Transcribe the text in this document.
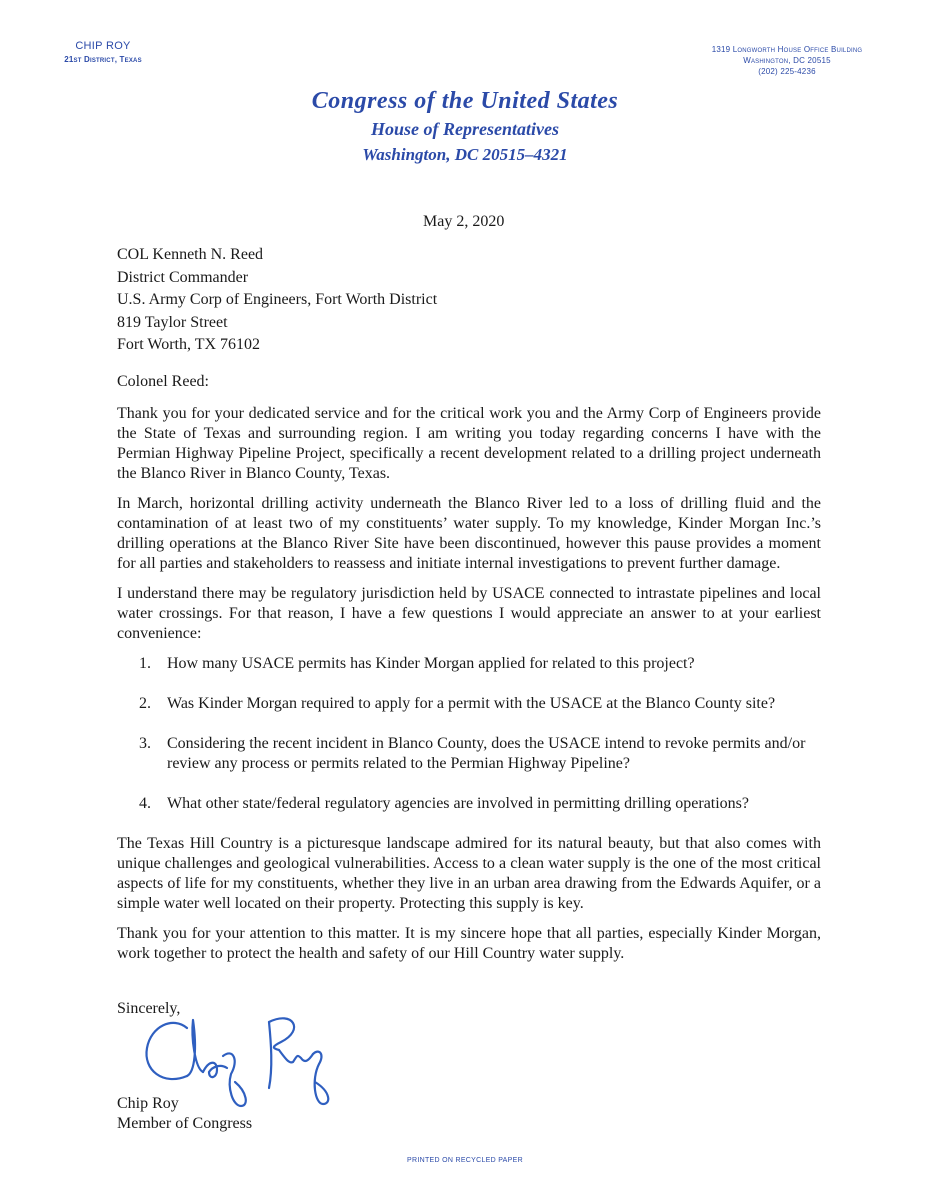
CHIP ROY
21st District, Texas
1319 Longworth House Office Building
Washington, DC 20515
(202) 225-4236
Congress of the United States
House of Representatives
Washington, DC 20515–4321
May 2, 2020
COL Kenneth N. Reed
District Commander
U.S. Army Corp of Engineers, Fort Worth District
819 Taylor Street
Fort Worth, TX 76102
Colonel Reed:

Thank you for your dedicated service and for the critical work you and the Army Corp of Engineers provide the State of Texas and surrounding region. I am writing you today regarding concerns I have with the Permian Highway Pipeline Project, specifically a recent development related to a drilling project underneath the Blanco River in Blanco County, Texas.

In March, horizontal drilling activity underneath the Blanco River led to a loss of drilling fluid and the contamination of at least two of my constituents’ water supply. To my knowledge, Kinder Morgan Inc.’s drilling operations at the Blanco River Site have been discontinued, however this pause provides a moment for all parties and stakeholders to reassess and initiate internal investigations to prevent further damage.

I understand there may be regulatory jurisdiction held by USACE connected to intrastate pipelines and local water crossings. For that reason, I have a few questions I would appreciate an answer to at your earliest convenience:

1. How many USACE permits has Kinder Morgan applied for related to this project?
2. Was Kinder Morgan required to apply for a permit with the USACE at the Blanco County site?
3. Considering the recent incident in Blanco County, does the USACE intend to revoke permits and/or review any process or permits related to the Permian Highway Pipeline?
4. What other state/federal regulatory agencies are involved in permitting drilling operations?

The Texas Hill Country is a picturesque landscape admired for its natural beauty, but that also comes with unique challenges and geological vulnerabilities. Access to a clean water supply is the one of the most critical aspects of life for my constituents, whether they live in an urban area drawing from the Edwards Aquifer, or a simple water well located on their property. Protecting this supply is key.

Thank you for your attention to this matter. It is my sincere hope that all parties, especially Kinder Morgan, work together to protect the health and safety of our Hill Country water supply.

Sincerely,
Chip Roy
Member of Congress
PRINTED ON RECYCLED PAPER
